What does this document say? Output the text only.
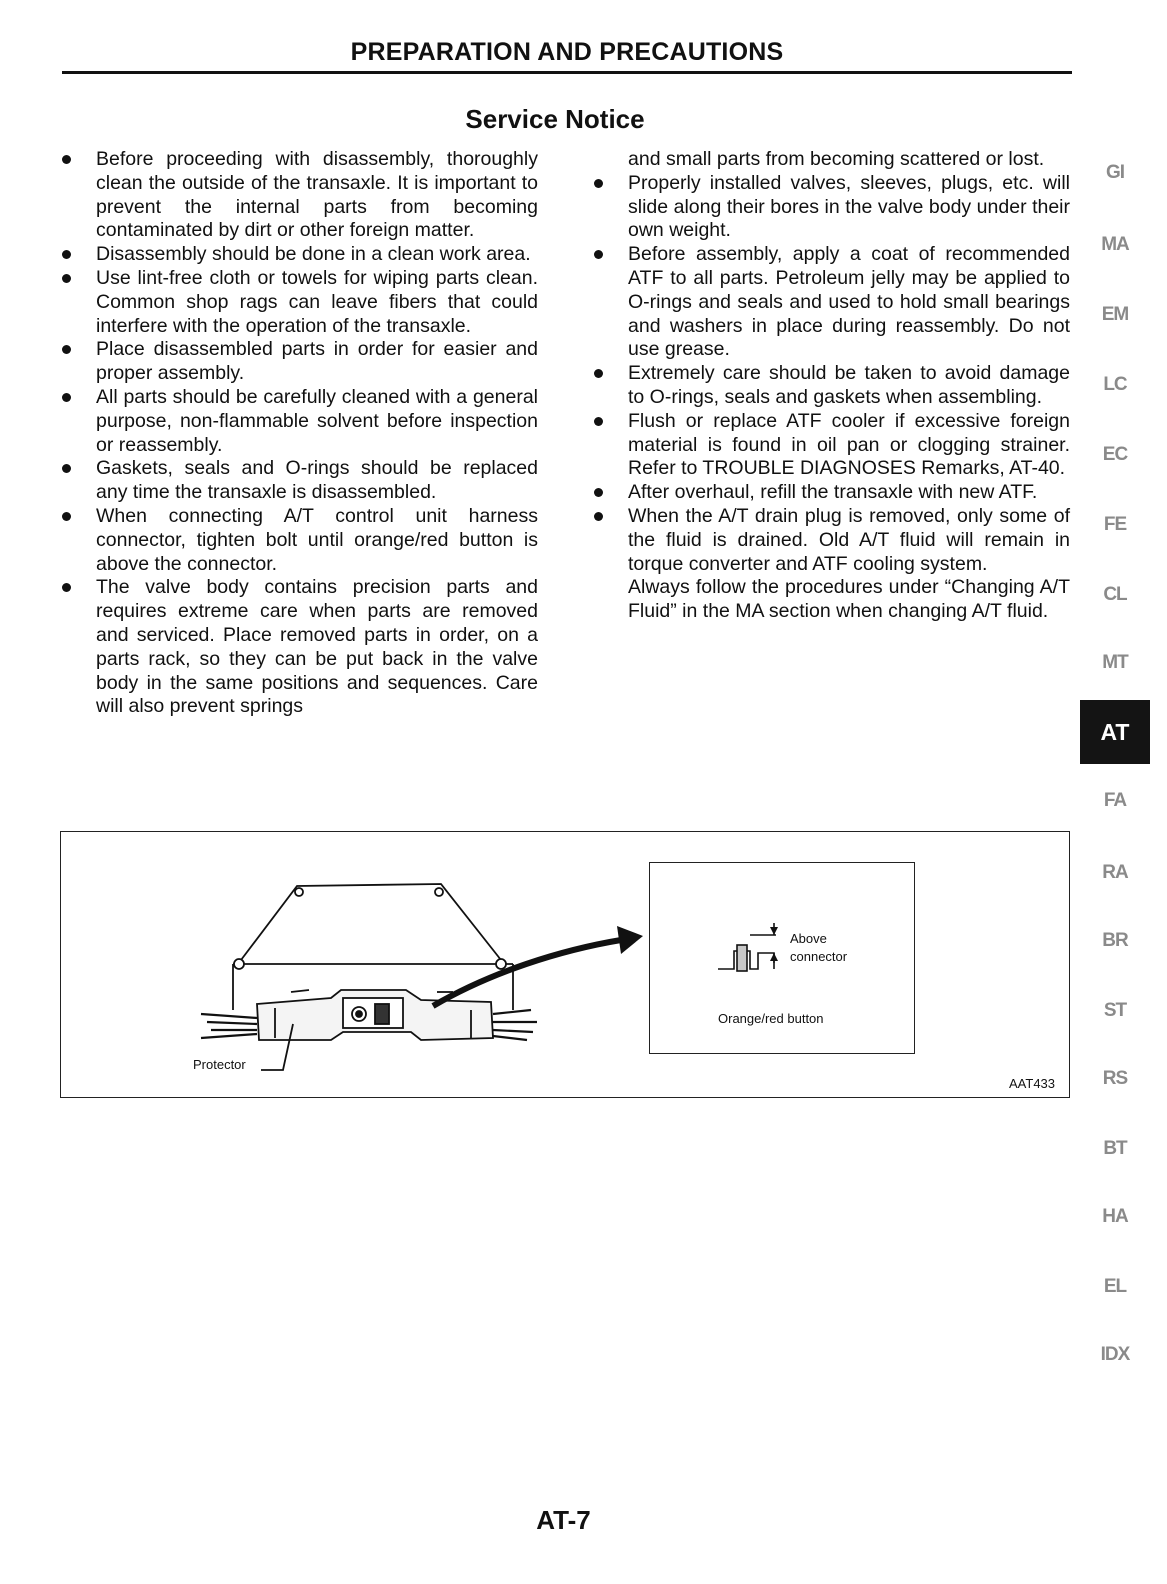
PREPARATION AND PRECAUTIONS
Service Notice
Before proceeding with disassembly, thoroughly clean the outside of the transaxle. It is important to prevent the internal parts from becoming contaminated by dirt or other foreign matter.
Disassembly should be done in a clean work area.
Use lint-free cloth or towels for wiping parts clean. Common shop rags can leave fibers that could interfere with the operation of the transaxle.
Place disassembled parts in order for easier and proper assembly.
All parts should be carefully cleaned with a general purpose, non-flammable solvent before inspection or reassembly.
Gaskets, seals and O-rings should be replaced any time the transaxle is disassembled.
When connecting A/T control unit harness connector, tighten bolt until orange/red button is above the connector.
The valve body contains precision parts and requires extreme care when parts are removed and serviced. Place removed parts in order, on a parts rack, so they can be put back in the valve body in the same positions and sequences. Care will also prevent springs
and small parts from becoming scattered or lost.
Properly installed valves, sleeves, plugs, etc. will slide along their bores in the valve body under their own weight.
Before assembly, apply a coat of recommended ATF to all parts. Petroleum jelly may be applied to O-rings and seals and used to hold small bearings and washers in place during reassembly. Do not use grease.
Extremely care should be taken to avoid damage to O-rings, seals and gaskets when assembling.
Flush or replace ATF cooler if excessive foreign material is found in oil pan or clogging strainer. Refer to TROUBLE DIAGNOSES Remarks, AT-40.
After overhaul, refill the transaxle with new ATF.
When the A/T drain plug is removed, only some of the fluid is drained. Old A/T fluid will remain in torque converter and ATF cooling system.
Always follow the procedures under “Changing A/T Fluid” in the MA section when changing A/T fluid.
GI
MA
EM
LC
EC
FE
CL
MT
AT
FA
RA
BR
ST
RS
BT
HA
EL
IDX
Protector
Above
connector
Orange/red button
AAT433
AT-7
